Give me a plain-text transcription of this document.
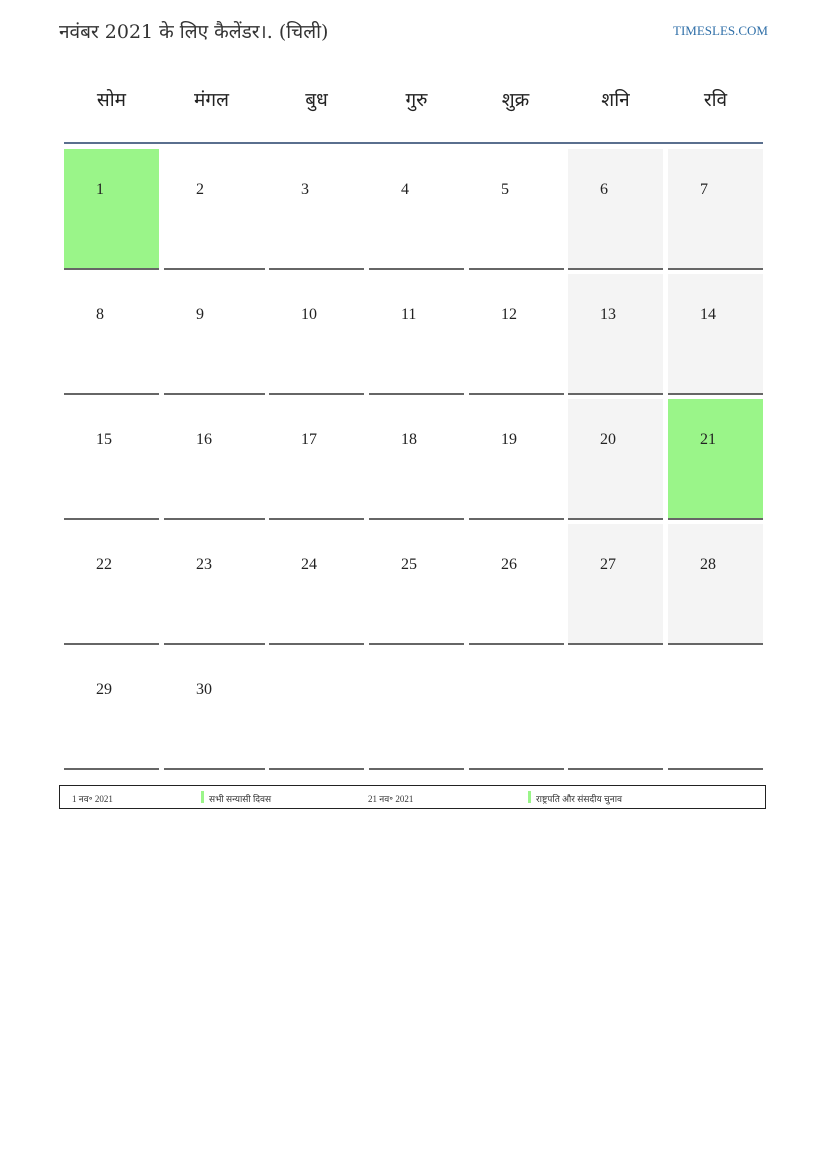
नवंबर 2021 के लिए कैलेंडर।. (चिली)	TIMESLES.COM
सोम	मंगल	बुध	गुरु	शुक्र	शनि	रवि
1	2	3	4	5	6	7
8	9	10	11	12	13	14
15	16	17	18	19	20	21
22	23	24	25	26	27	28
29	30
1 नव॰ 2021	सभी सन्यासी दिवस	21 नव॰ 2021	राष्ट्रपति और संसदीय चुनाव
